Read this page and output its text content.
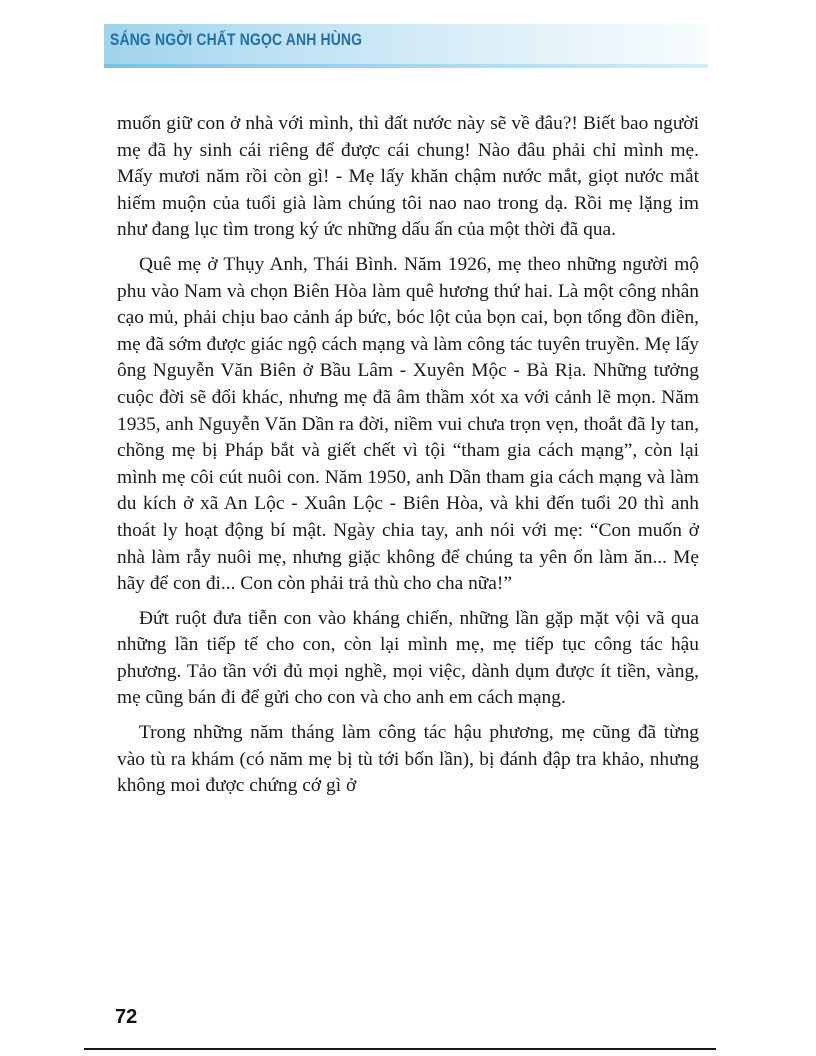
SÁNG NGỜI CHẤT NGỌC ANH HÙNG

muốn giữ con ở nhà với mình, thì đất nước này sẽ về đâu?! Biết bao người mẹ đã hy sinh cái riêng để được cái chung! Nào đâu phải chỉ mình mẹ. Mấy mươi năm rồi còn gì! - Mẹ lấy khăn chậm nước mắt, giọt nước mắt hiếm muộn của tuổi già làm chúng tôi nao nao trong dạ. Rồi mẹ lặng im như đang lục tìm trong ký ức những dấu ấn của một thời đã qua.

Quê mẹ ở Thụy Anh, Thái Bình. Năm 1926, mẹ theo những người mộ phu vào Nam và chọn Biên Hòa làm quê hương thứ hai. Là một công nhân cạo mủ, phải chịu bao cảnh áp bức, bóc lột của bọn cai, bọn tổng đồn điền, mẹ đã sớm được giác ngộ cách mạng và làm công tác tuyên truyền. Mẹ lấy ông Nguyễn Văn Biên ở Bầu Lâm - Xuyên Mộc - Bà Rịa. Những tưởng cuộc đời sẽ đổi khác, nhưng mẹ đã âm thầm xót xa với cảnh lẽ mọn. Năm 1935, anh Nguyễn Văn Dần ra đời, niềm vui chưa trọn vẹn, thoắt đã ly tan, chồng mẹ bị Pháp bắt và giết chết vì tội “tham gia cách mạng”, còn lại mình mẹ côi cút nuôi con. Năm 1950, anh Dần tham gia cách mạng và làm du kích ở xã An Lộc - Xuân Lộc - Biên Hòa, và khi đến tuổi 20 thì anh thoát ly hoạt động bí mật. Ngày chia tay, anh nói với mẹ: “Con muốn ở nhà làm rẫy nuôi mẹ, nhưng giặc không để chúng ta yên ổn làm ăn... Mẹ hãy để con đi... Con còn phải trả thù cho cha nữa!”

Đứt ruột đưa tiễn con vào kháng chiến, những lần gặp mặt vội vã qua những lần tiếp tế cho con, còn lại mình mẹ, mẹ tiếp tục công tác hậu phương. Tảo tần với đủ mọi nghề, mọi việc, dành dụm được ít tiền, vàng, mẹ cũng bán đi để gửi cho con và cho anh em cách mạng.

Trong những năm tháng làm công tác hậu phương, mẹ cũng đã từng vào tù ra khám (có năm mẹ bị tù tới bốn lần), bị đánh đập tra khảo, nhưng không moi được chứng cớ gì ở

72
